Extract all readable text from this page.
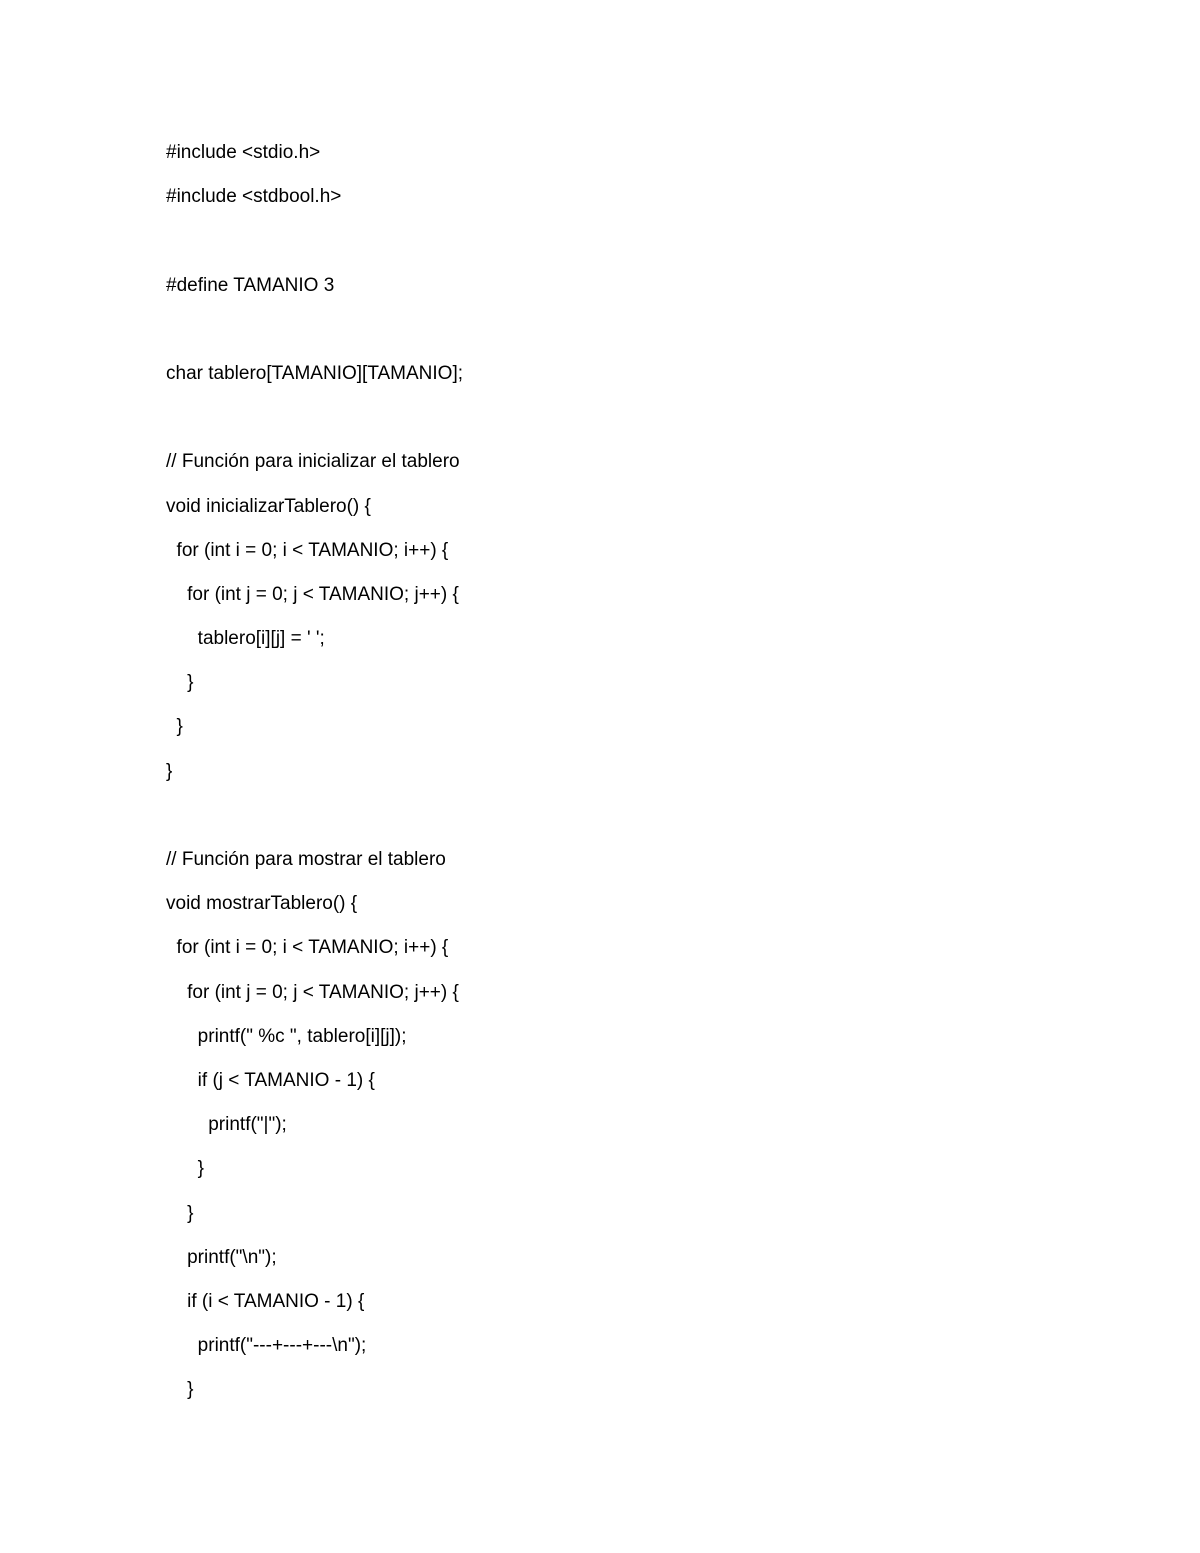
#include <stdio.h>
#include <stdbool.h>
#define TAMANIO 3
char tablero[TAMANIO][TAMANIO];
// Función para inicializar el tablero
void inicializarTablero() {
for (int i = 0; i < TAMANIO; i++) {
for (int j = 0; j < TAMANIO; j++) {
tablero[i][j] = ' ';
}
}
}
// Función para mostrar el tablero
void mostrarTablero() {
for (int i = 0; i < TAMANIO; i++) {
for (int j = 0; j < TAMANIO; j++) {
printf(" %c ", tablero[i][j]);
if (j < TAMANIO - 1) {
printf("|");
}
}
printf("\n");
if (i < TAMANIO - 1) {
printf("---+---+---\n");
}
